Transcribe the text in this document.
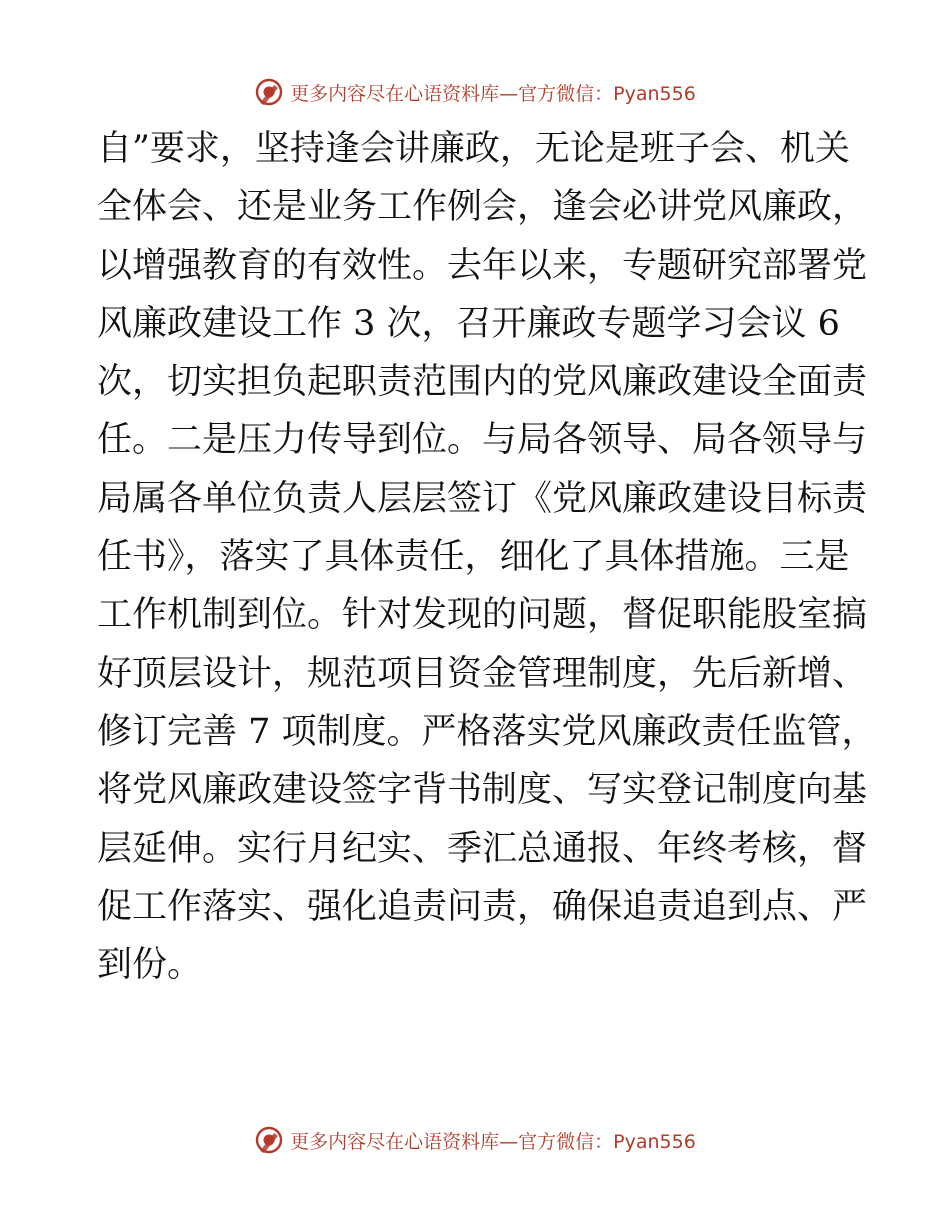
更多内容尽在心语资料库—官方微信：Pyan556
自”要求，坚持逢会讲廉政，无论是班子会、机关
全体会、还是业务工作例会，逢会必讲党风廉政，
以增强教育的有效性。去年以来，专题研究部署党
风廉政建设工作 3 次，召开廉政专题学习会议 6
次，切实担负起职责范围内的党风廉政建设全面责
任。二是压力传导到位。与局各领导、局各领导与
局属各单位负责人层层签订《党风廉政建设目标责
任书》，落实了具体责任，细化了具体措施。三是
工作机制到位。针对发现的问题，督促职能股室搞
好顶层设计，规范项目资金管理制度，先后新增、
修订完善 7 项制度。严格落实党风廉政责任监管，
将党风廉政建设签字背书制度、写实登记制度向基
层延伸。实行月纪实、季汇总通报、年终考核，督
促工作落实、强化追责问责，确保追责追到点、严
到份。
更多内容尽在心语资料库—官方微信：Pyan556
